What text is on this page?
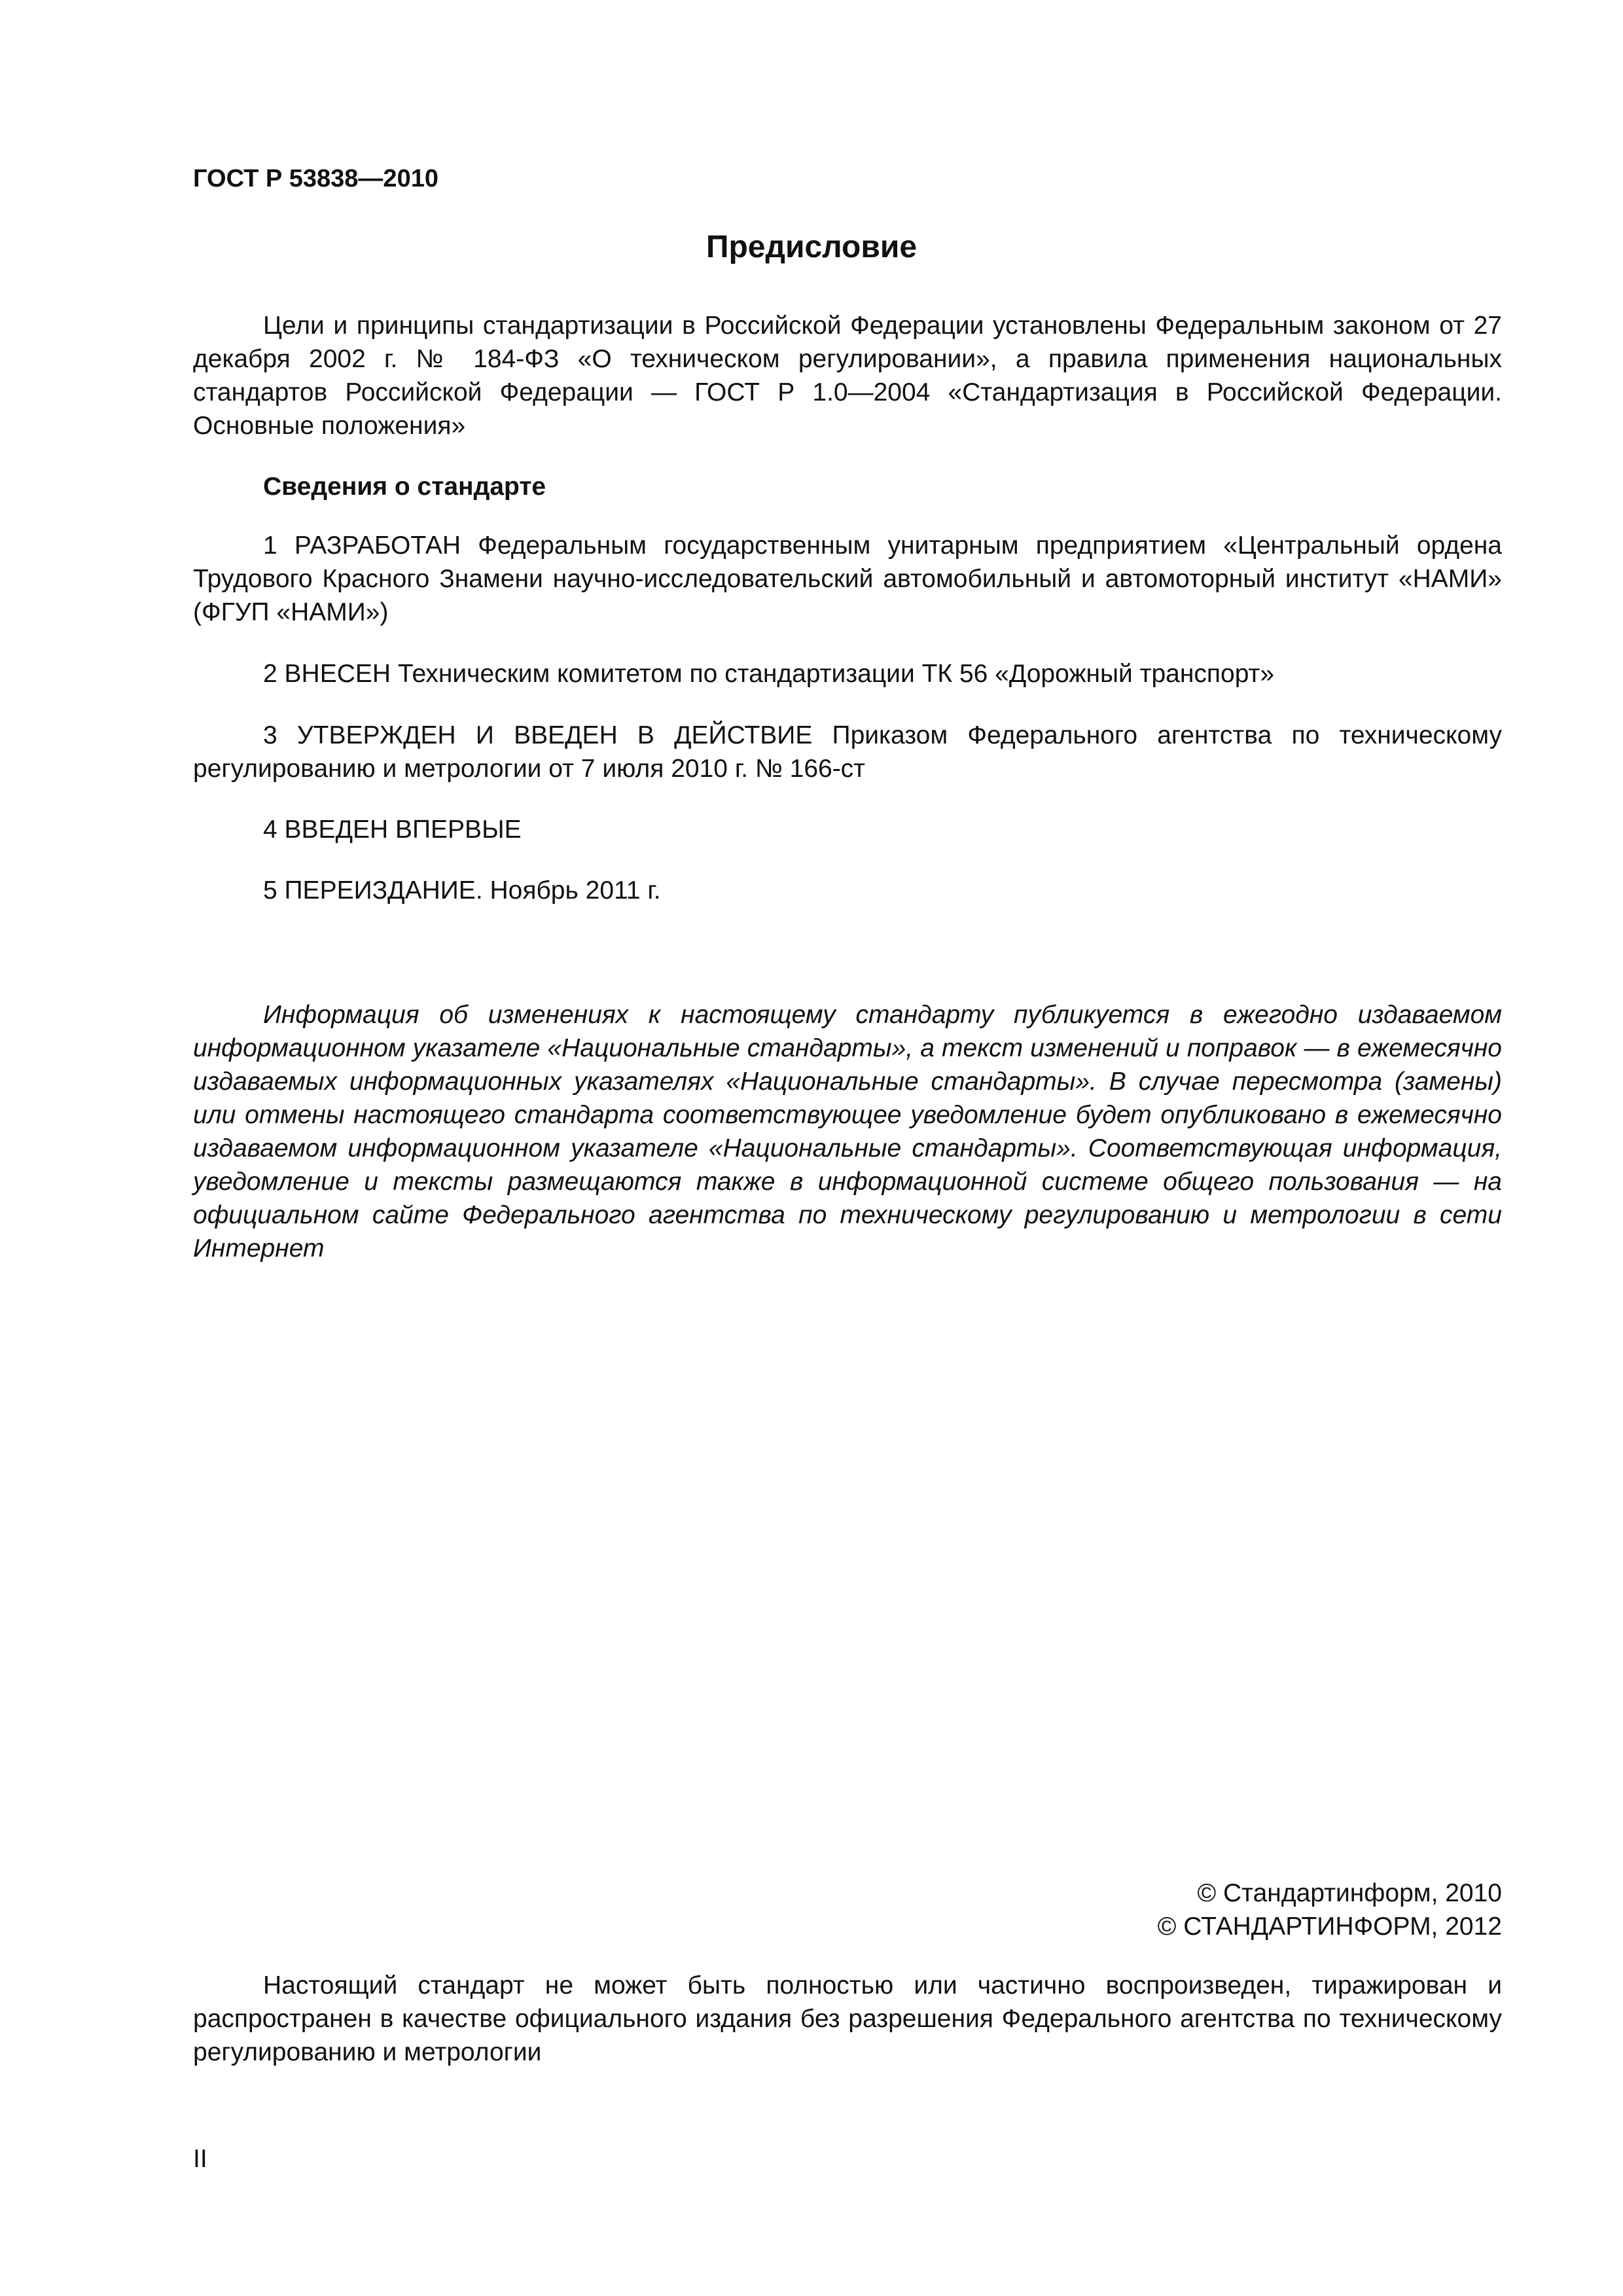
ГОСТ Р 53838—2010

Предисловие

Цели и принципы стандартизации в Российской Федерации установлены Федеральным законом от 27 декабря 2002 г. № 184-ФЗ «О техническом регулировании», а правила применения национальных стандартов Российской Федерации — ГОСТ Р 1.0—2004 «Стандартизация в Российской Федерации. Основные положения»

Сведения о стандарте

1 РАЗРАБОТАН Федеральным государственным унитарным предприятием «Центральный ордена Трудового Красного Знамени научно-исследовательский автомобильный и автомоторный институт «НАМИ» (ФГУП «НАМИ»)

2 ВНЕСЕН Техническим комитетом по стандартизации ТК 56 «Дорожный транспорт»

3 УТВЕРЖДЕН И ВВЕДЕН В ДЕЙСТВИЕ Приказом Федерального агентства по техническому регулированию и метрологии от 7 июля 2010 г. № 166-ст

4 ВВЕДЕН ВПЕРВЫЕ

5 ПЕРЕИЗДАНИЕ. Ноябрь 2011 г.

Информация об изменениях к настоящему стандарту публикуется в ежегодно издаваемом информационном указателе «Национальные стандарты», а текст изменений и поправок — в ежемесячно издаваемых информационных указателях «Национальные стандарты». В случае пересмотра (замены) или отмены настоящего стандарта соответствующее уведомление будет опубликовано в ежемесячно издаваемом информационном указателе «Национальные стандарты». Соответствующая информация, уведомление и тексты размещаются также в информационной системе общего пользования — на официальном сайте Федерального агентства по техническому регулированию и метрологии в сети Интернет

© Стандартинформ, 2010

© СТАНДАРТИНФОРМ, 2012

Настоящий стандарт не может быть полностью или частично воспроизведен, тиражирован и распространен в качестве официального издания без разрешения Федерального агентства по техническому регулированию и метрологии

II
